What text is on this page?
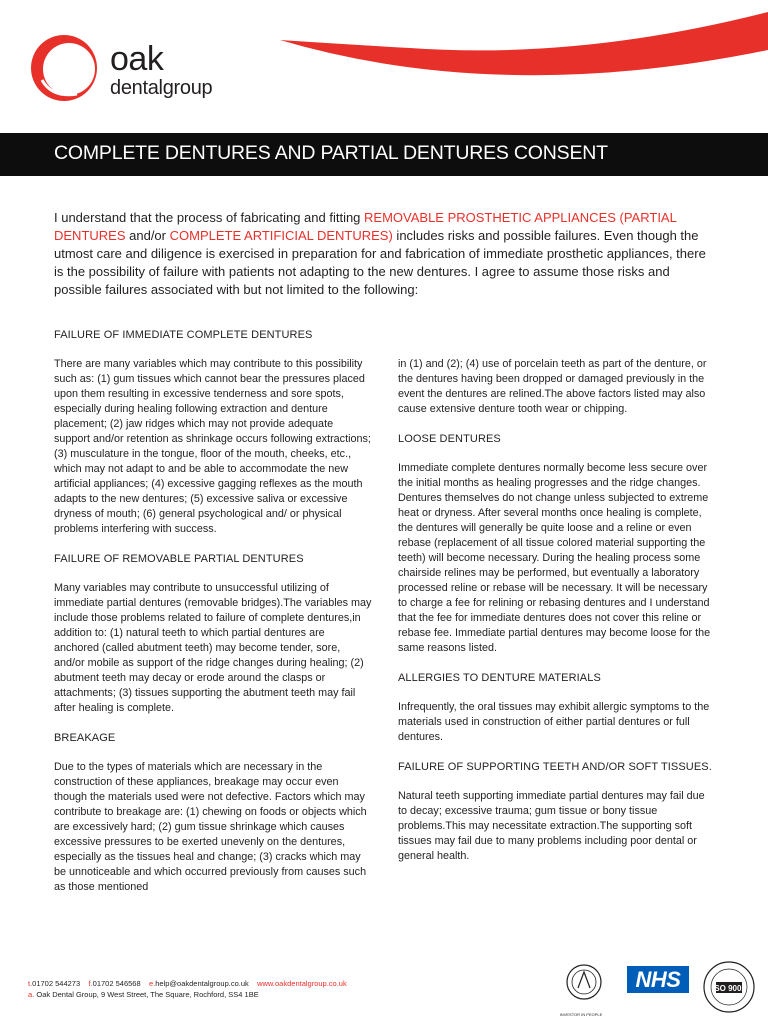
oak
dentalgroup
COMPLETE DENTURES AND PARTIAL DENTURES CONSENT

I understand that the process of fabricating and fitting REMOVABLE PROSTHETIC APPLIANCES (PARTIAL DENTURES and/or COMPLETE ARTIFICIAL DENTURES) includes risks and possible failures. Even though the utmost care and diligence is exercised in preparation for and fabrication of immediate prosthetic appliances, there is the possibility of failure with patients not adapting to the new dentures. I agree to assume those risks and possible failures associated with but not limited to the following:

FAILURE OF IMMEDIATE COMPLETE DENTURES

There are many variables which may contribute to this possibility such as: (1) gum tissues which cannot bear the pressures placed upon them resulting in excessive tenderness and sore spots, especially during healing following extraction and denture placement; (2) jaw ridges which may not provide adequate support and/or retention as shrinkage occurs following extractions; (3) musculature in the tongue, floor of the mouth, cheeks, etc., which may not adapt to and be able to accommodate the new artificial appliances; (4) excessive gagging reflexes as the mouth adapts to the new dentures; (5) excessive saliva or excessive dryness of mouth; (6) general psychological and/ or physical problems interfering with success.

FAILURE OF REMOVABLE PARTIAL DENTURES

Many variables may contribute to unsuccessful utilizing of immediate partial dentures (removable bridges).The variables may include those problems related to failure of complete dentures,in addition to: (1) natural teeth to which partial dentures are anchored (called abutment teeth) may become tender, sore, and/or mobile as support of the ridge changes during healing; (2) abutment teeth may decay or erode around the clasps or attachments; (3) tissues supporting the abutment teeth may fail after healing is complete.

BREAKAGE

Due to the types of materials which are necessary in the construction of these appliances, breakage may occur even though the materials used were not defective. Factors which may contribute to breakage are: (1) chewing on foods or objects which are excessively hard; (2) gum tissue shrinkage which causes excessive pressures to be exerted unevenly on the dentures, especially as the tissues heal and change; (3) cracks which may be unnoticeable and which occurred previously from causes such as those mentioned

in (1) and (2); (4) use of porcelain teeth as part of the denture, or the dentures having been dropped or damaged previously in the event the dentures are relined.The above factors listed may also cause extensive denture tooth wear or chipping.

LOOSE DENTURES

Immediate complete dentures normally become less secure over the initial months as healing progresses and the ridge changes. Dentures themselves do not change unless subjected to extreme heat or dryness. After several months once healing is complete, the dentures will generally be quite loose and a reline or even rebase (replacement of all tissue colored material supporting the teeth) will become necessary. During the healing process some chairside relines may be performed, but eventually a laboratory processed reline or rebase will be necessary. It will be necessary to charge a fee for relining or rebasing dentures and I understand that the fee for immediate dentures does not cover this reline or rebase fee. Immediate partial dentures may become loose for the same reasons listed.

ALLERGIES TO DENTURE MATERIALS

Infrequently, the oral tissues may exhibit allergic symptoms to the materials used in construction of either partial dentures or full dentures.

FAILURE OF SUPPORTING TEETH AND/OR SOFT TISSUES.

Natural teeth supporting immediate partial dentures may fail due to decay; excessive trauma; gum tissue or bony tissue problems.This may necessitate extraction.The supporting soft tissues may fail due to many problems including poor dental or general health.

t.01702 544273 f.01702 546568 e.help@oakdentalgroup.co.uk www.oakdentalgroup.co.uk
a. Oak Dental Group, 9 West Street, The Square, Rochford, SS4 1BE
INVESTOR IN PEOPLE
NHS	ISO 9002
